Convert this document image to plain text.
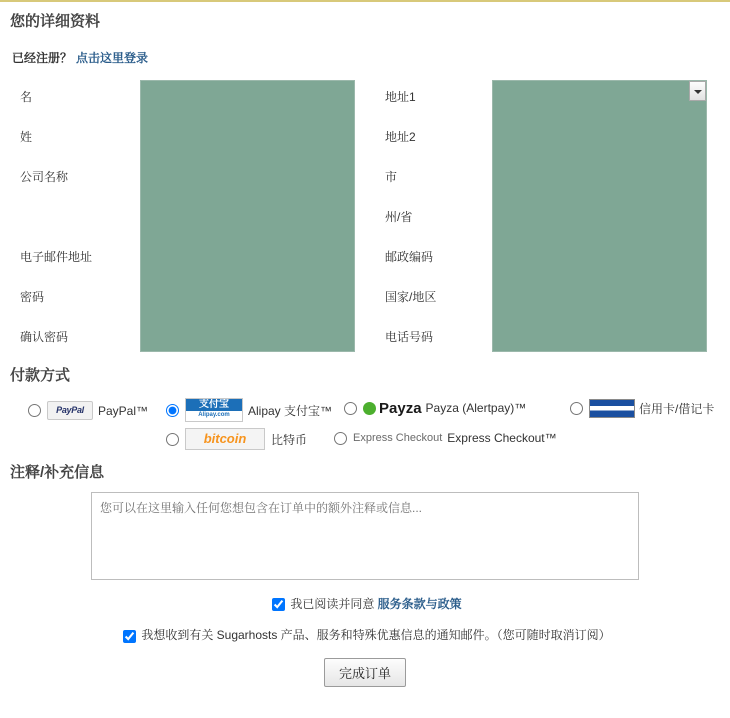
您的详细资料
已经注册？ 点击这里登录
名
姓
公司名称
电子邮件地址
密码
确认密码
地址1
地址2
市
州/省
邮政编码
国家/地区
电话号码
付款方式
PayPal	PayPal™	支付宝
Alipay.com	Alipay 支付宝™	Payza Payza (Alertpay)™	信用卡/借记卡
bitcoin	比特币	Express Checkout Express Checkout™
注释/补充信息
您可以在这里输入任何您想包含在订单中的额外注释或信息...
我已阅读并同意 服务条款与政策
我想收到有关 Sugarhosts 产品、服务和特殊优惠信息的通知邮件。（您可随时取消订阅）
完成订单
